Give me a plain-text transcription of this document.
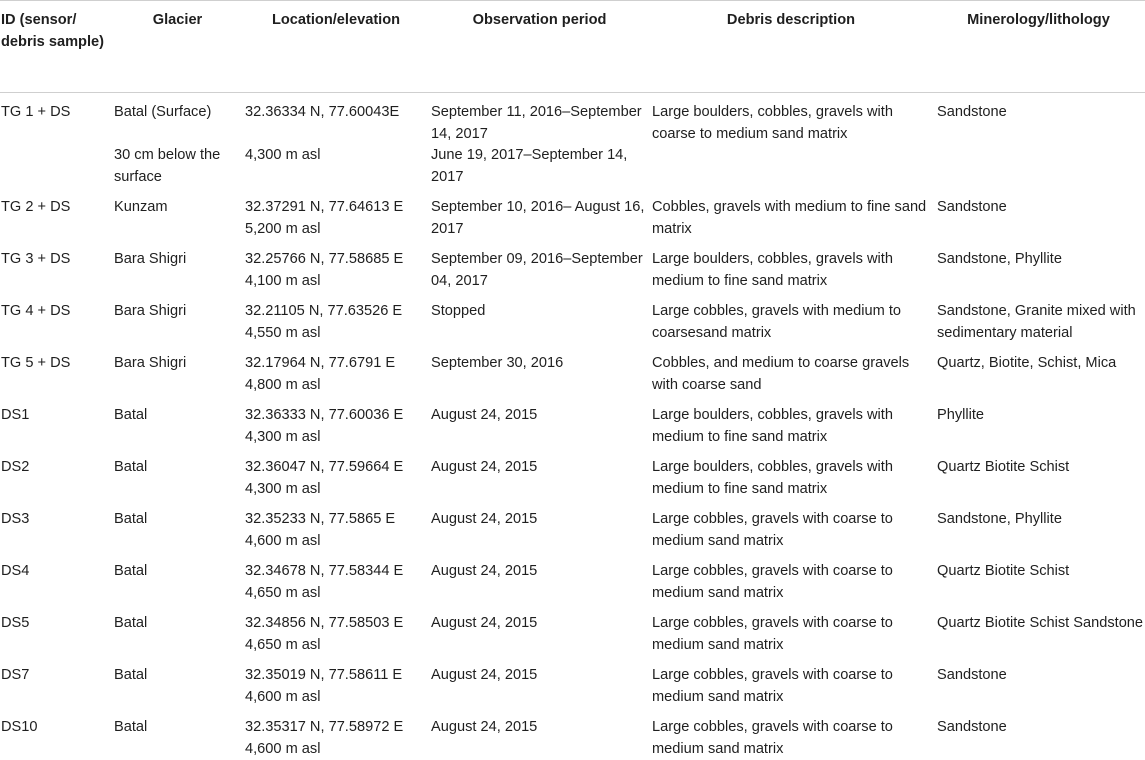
ID (sensor/ debris sample)	Glacier	Location/elevation	Observation period	Debris description	Minerology/lithology
TG 1 + DS	Batal (Surface)	32.36334 N, 77.60043E	September 11, 2016–September 14, 2017	Large boulders, cobbles, gravels with coarse to medium sand matrix	Sandstone
	30 cm below the surface	4,300 m asl	June 19, 2017–September 14, 2017		
TG 2 + DS	Kunzam	32.37291 N, 77.64613 E 5,200 m asl	September 10, 2016– August 16, 2017	Cobbles, gravels with medium to fine sand matrix	Sandstone
TG 3 + DS	Bara Shigri	32.25766 N, 77.58685 E 4,100 m asl	September 09, 2016–September 04, 2017	Large boulders, cobbles, gravels with medium to fine sand matrix	Sandstone, Phyllite
TG 4 + DS	Bara Shigri	32.21105 N, 77.63526 E 4,550 m asl	Stopped	Large cobbles, gravels with medium to coarsesand matrix	Sandstone, Granite mixed with sedimentary material
TG 5 + DS	Bara Shigri	32.17964 N, 77.6791 E 4,800 m asl	September 30, 2016	Cobbles, and medium to coarse gravels with coarse sand	Quartz, Biotite, Schist, Mica
DS1	Batal	32.36333 N, 77.60036 E 4,300 m asl	August 24, 2015	Large boulders, cobbles, gravels with medium to fine sand matrix	Phyllite
DS2	Batal	32.36047 N, 77.59664 E 4,300 m asl	August 24, 2015	Large boulders, cobbles, gravels with medium to fine sand matrix	Quartz Biotite Schist
DS3	Batal	32.35233 N, 77.5865 E 4,600 m asl	August 24, 2015	Large cobbles, gravels with coarse to medium sand matrix	Sandstone, Phyllite
DS4	Batal	32.34678 N, 77.58344 E 4,650 m asl	August 24, 2015	Large cobbles, gravels with coarse to medium sand matrix	Quartz Biotite Schist
DS5	Batal	32.34856 N, 77.58503 E 4,650 m asl	August 24, 2015	Large cobbles, gravels with coarse to medium sand matrix	Quartz Biotite Schist Sandstone
DS7	Batal	32.35019 N, 77.58611 E 4,600 m asl	August 24, 2015	Large cobbles, gravels with coarse to medium sand matrix	Sandstone
DS10	Batal	32.35317 N, 77.58972 E 4,600 m asl	August 24, 2015	Large cobbles, gravels with coarse to medium sand matrix	Sandstone
